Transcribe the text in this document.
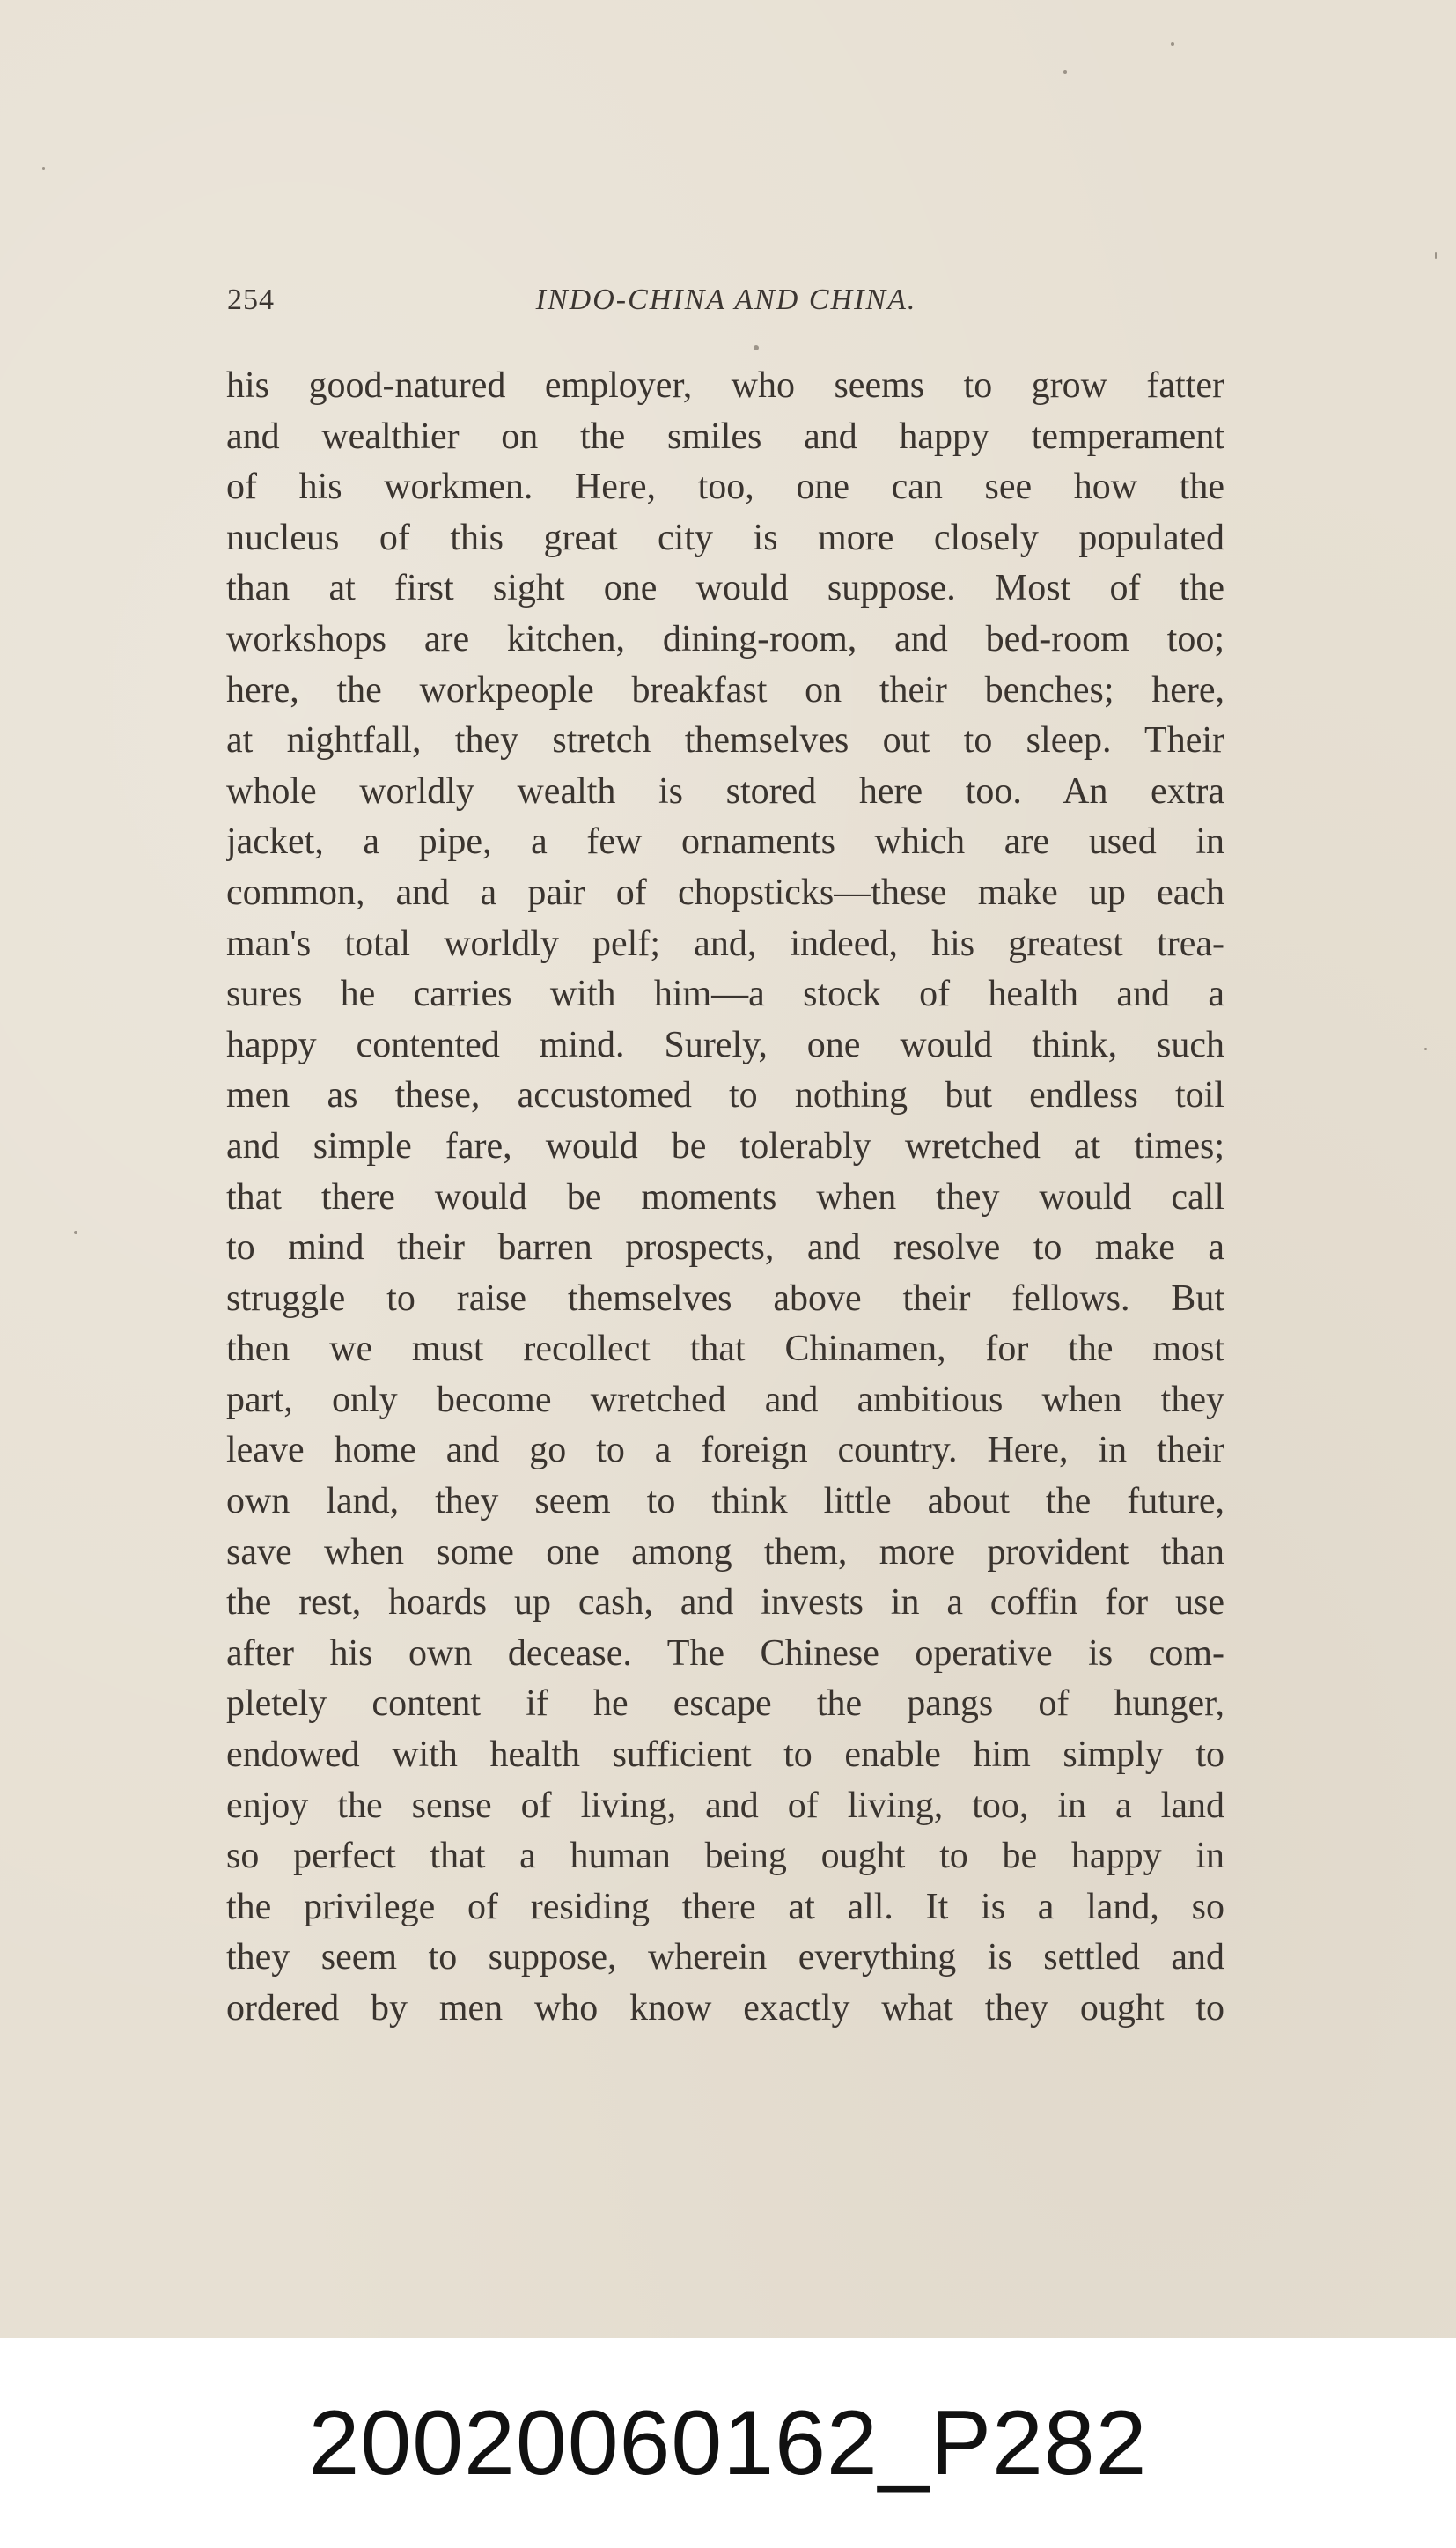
254	INDO-CHINA AND CHINA.
his good-natured employer, who seems to grow fatter
and wealthier on the smiles and happy temperament
of his workmen. Here, too, one can see how the
nucleus of this great city is more closely populated
than at first sight one would suppose. Most of the
workshops are kitchen, dining-room, and bed-room too;
here, the workpeople breakfast on their benches; here,
at nightfall, they stretch themselves out to sleep. Their
whole worldly wealth is stored here too. An extra
jacket, a pipe, a few ornaments which are used in
common, and a pair of chopsticks—these make up each
man's total worldly pelf; and, indeed, his greatest trea-
sures he carries with him—a stock of health and a
happy contented mind. Surely, one would think, such
men as these, accustomed to nothing but endless toil
and simple fare, would be tolerably wretched at times;
that there would be moments when they would call
to mind their barren prospects, and resolve to make a
struggle to raise themselves above their fellows. But
then we must recollect that Chinamen, for the most
part, only become wretched and ambitious when they
leave home and go to a foreign country. Here, in their
own land, they seem to think little about the future,
save when some one among them, more provident than
the rest, hoards up cash, and invests in a coffin for use
after his own decease. The Chinese operative is com-
pletely content if he escape the pangs of hunger,
endowed with health sufficient to enable him simply to
enjoy the sense of living, and of living, too, in a land
so perfect that a human being ought to be happy in
the privilege of residing there at all. It is a land, so
they seem to suppose, wherein everything is settled and
ordered by men who know exactly what they ought to
20020060162_P282
